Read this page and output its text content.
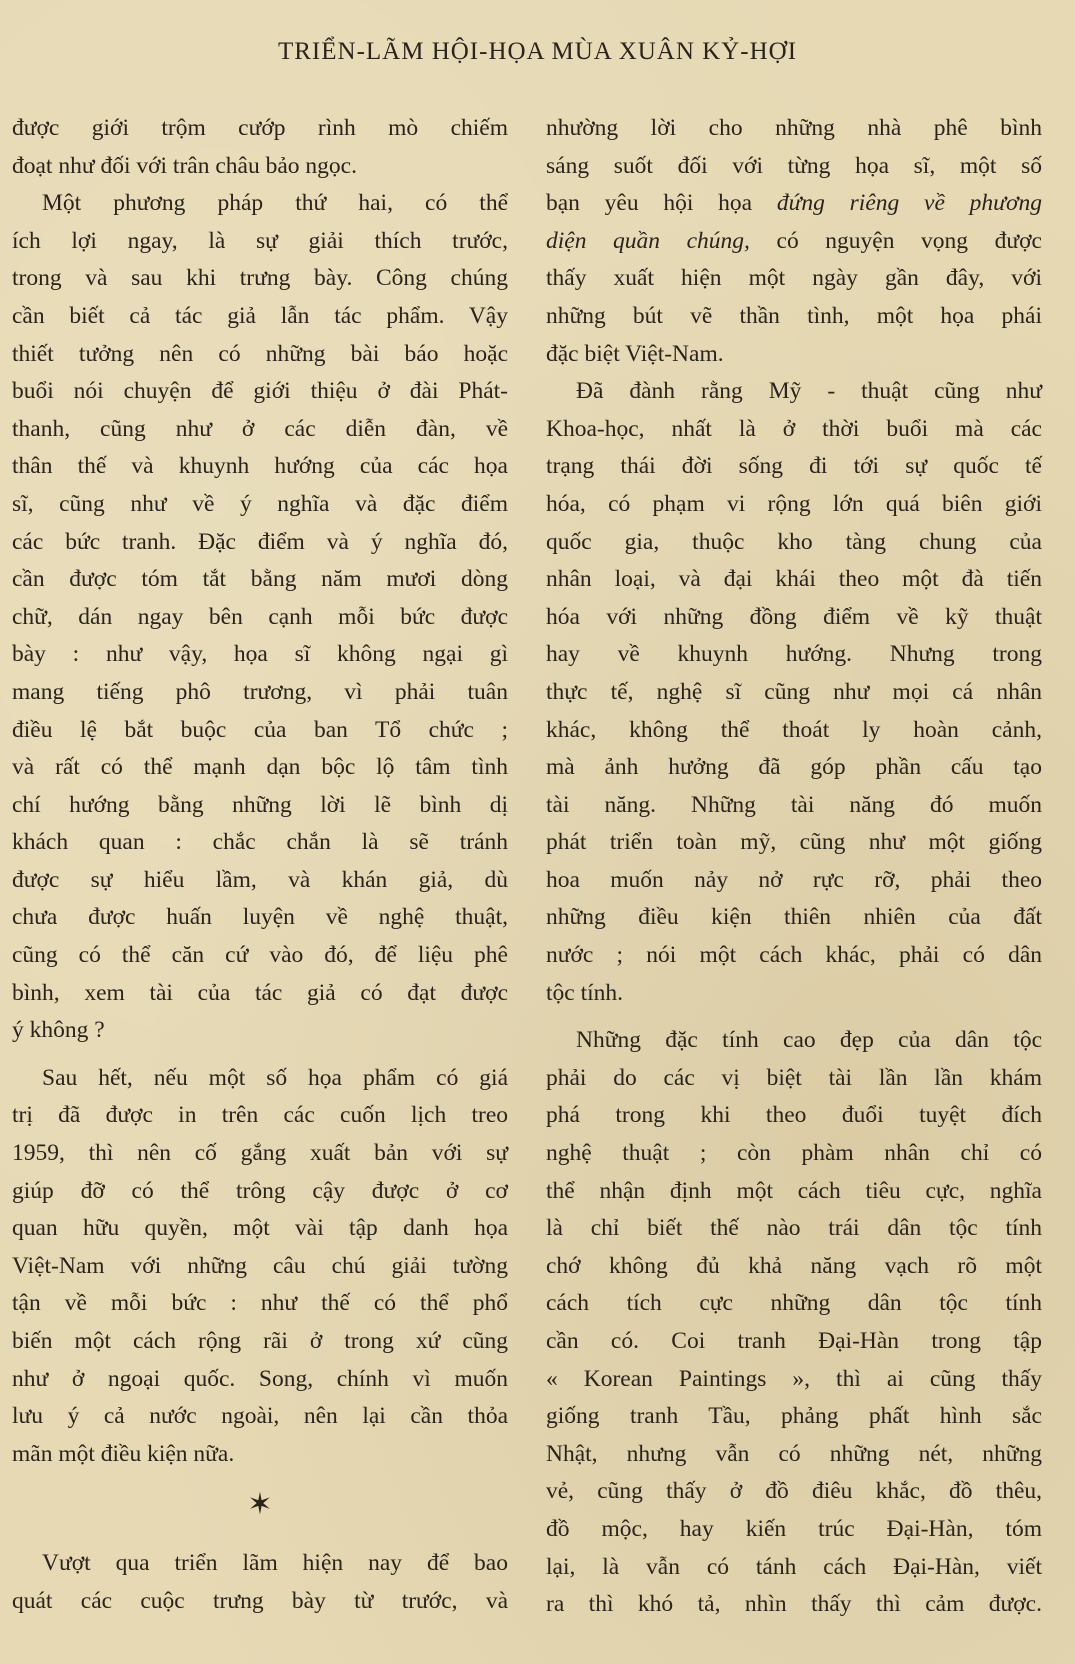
TRIỂN-LÃM HỘI-HỌA MÙA XUÂN KỶ-HỢI
được giới trộm cướp rình mò chiếm
đoạt như đối với trân châu bảo ngọc.
Một phương pháp thứ hai, có thể
ích lợi ngay, là sự giải thích trước,
trong và sau khi trưng bày. Công chúng
cần biết cả tác giả lẫn tác phẩm. Vậy
thiết tưởng nên có những bài báo hoặc
buổi nói chuyện để giới thiệu ở đài Phát-
thanh, cũng như ở các diễn đàn, về
thân thế và khuynh hướng của các họa
sĩ, cũng như về ý nghĩa và đặc điểm
các bức tranh. Đặc điểm và ý nghĩa đó,
cần được tóm tắt bằng năm mươi dòng
chữ, dán ngay bên cạnh mỗi bức được
bày : như vậy, họa sĩ không ngại gì
mang tiếng phô trương, vì phải tuân
điều lệ bắt buộc của ban Tổ chức ;
và rất có thể mạnh dạn bộc lộ tâm tình
chí hướng bằng những lời lẽ bình dị
khách quan : chắc chắn là sẽ tránh
được sự hiểu lầm, và khán giả, dù
chưa được huấn luyện về nghệ thuật,
cũng có thể căn cứ vào đó, để liệu phê
bình, xem tài của tác giả có đạt được
ý không ?
Sau hết, nếu một số họa phẩm có giá
trị đã được in trên các cuốn lịch treo
1959, thì nên cố gắng xuất bản với sự
giúp đỡ có thể trông cậy được ở cơ
quan hữu quyền, một vài tập danh họa
Việt-Nam với những câu chú giải tường
tận về mỗi bức : như thế có thể phổ
biến một cách rộng rãi ở trong xứ cũng
như ở ngoại quốc. Song, chính vì muốn
lưu ý cả nước ngoài, nên lại cần thỏa
mãn một điều kiện nữa.
✶
Vượt qua triển lãm hiện nay để bao
quát các cuộc trưng bày từ trước, và
nhường lời cho những nhà phê bình
sáng suốt đối với từng họa sĩ, một số
bạn yêu hội họa đứng riêng về phương
diện quần chúng, có nguyện vọng được
thấy xuất hiện một ngày gần đây, với
những bút vẽ thần tình, một họa phái
đặc biệt Việt-Nam.
Đã đành rằng Mỹ - thuật cũng như
Khoa-học, nhất là ở thời buổi mà các
trạng thái đời sống đi tới sự quốc tế
hóa, có phạm vi rộng lớn quá biên giới
quốc gia, thuộc kho tàng chung của
nhân loại, và đại khái theo một đà tiến
hóa với những đồng điểm về kỹ thuật
hay về khuynh hướng. Nhưng trong
thực tế, nghệ sĩ cũng như mọi cá nhân
khác, không thể thoát ly hoàn cảnh,
mà ảnh hưởng đã góp phần cấu tạo
tài năng. Những tài năng đó muốn
phát triển toàn mỹ, cũng như một giống
hoa muốn nảy nở rực rỡ, phải theo
những điều kiện thiên nhiên của đất
nước ; nói một cách khác, phải có dân
tộc tính.
Những đặc tính cao đẹp của dân tộc
phải do các vị biệt tài lần lần khám
phá trong khi theo đuổi tuyệt đích
nghệ thuật ; còn phàm nhân chỉ có
thể nhận định một cách tiêu cực, nghĩa
là chỉ biết thế nào trái dân tộc tính
chớ không đủ khả năng vạch rõ một
cách tích cực những dân tộc tính
cần có. Coi tranh Đại-Hàn trong tập
« Korean Paintings », thì ai cũng thấy
giống tranh Tầu, phảng phất hình sắc
Nhật, nhưng vẫn có những nét, những
vẻ, cũng thấy ở đồ điêu khắc, đồ thêu,
đồ mộc, hay kiến trúc Đại-Hàn, tóm
lại, là vẫn có tánh cách Đại-Hàn, viết
ra thì khó tả, nhìn thấy thì cảm được.
